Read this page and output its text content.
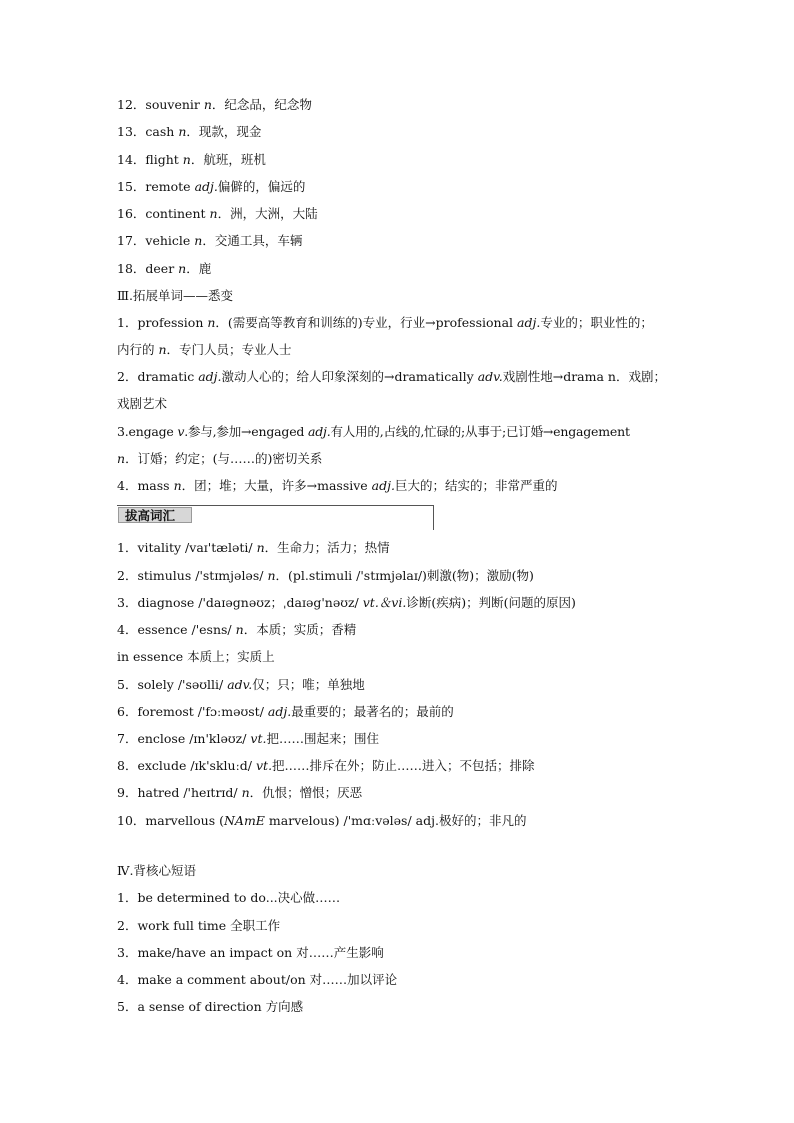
12．souvenir n．纪念品，纪念物
13．cash n．现款，现金
14．flight n．航班，班机
15．remote adj.偏僻的，偏远的
16．continent n．洲，大洲，大陆
17．vehicle n．交通工具，车辆
18．deer n．鹿
Ⅲ.拓展单词——悉变
1．profession n．(需要高等教育和训练的)专业，行业→professional adj.专业的；职业性的；
内行的 n．专门人员；专业人士
2．dramatic adj.激动人心的；给人印象深刻的→dramatically adv.戏剧性地→drama n．戏剧；
戏剧艺术
3.engage v.参与,参加→engaged adj.有人用的,占线的,忙碌的;从事于;已订婚→engagement
n．订婚；约定；(与……的)密切关系
4．mass n．团；堆；大量，许多→massive adj.巨大的；结实的；非常严重的
拔高词汇
1．vitality /vaɪ'tæləti/ n．生命力；活力；热情
2．stimulus /'stɪmjələs/ n．(pl.stimuli /'stɪmjəlaɪ/)刺激(物)；激励(物)
3．diagnose /'daɪəgnəʊz；ˌdaɪəg'nəʊz/ vt.＆vi.诊断(疾病)；判断(问题的原因)
4．essence /'esns/ n．本质；实质；香精
in essence 本质上；实质上
5．solely /'səʊlli/ adv.仅；只；唯；单独地
6．foremost /'fɔːməʊst/ adj.最重要的；最著名的；最前的
7．enclose /ɪn'kləʊz/ vt.把……围起来；围住
8．exclude /ɪk'skluːd/ vt.把……排斥在外；防止……进入；不包括；排除
9．hatred /'heɪtrɪd/ n．仇恨；憎恨；厌恶
10．marvellous (NAmE marvelous) /'mɑːvələs/ adj.极好的；非凡的
Ⅳ.背核心短语
1．be determined to do...决心做……
2．work full time 全职工作
3．make/have an impact on 对……产生影响
4．make a comment about/on 对……加以评论
5．a sense of direction 方向感
